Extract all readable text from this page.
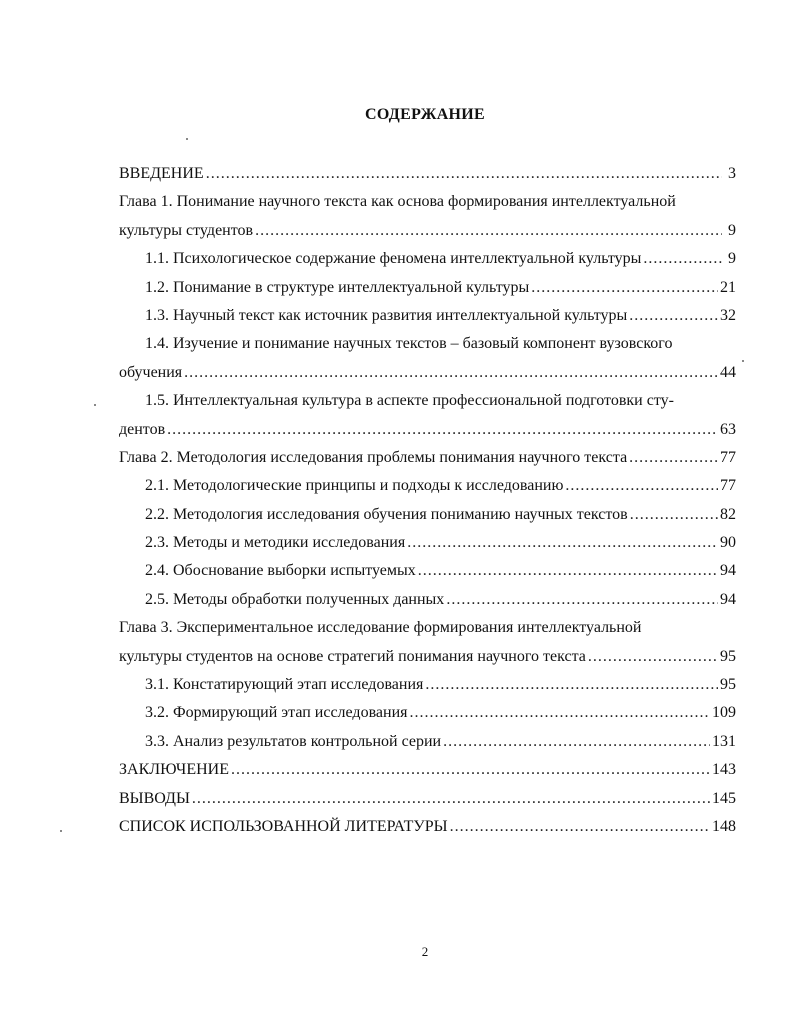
СОДЕРЖАНИЕ
ВВЕДЕНИЕ .....	3
Глава 1. Понимание научного текста как основа формирования интеллектуальной
культуры студентов .....	9
1.1. Психологическое содержание феномена интеллектуальной культуры .....	9
1.2. Понимание в структуре интеллектуальной культуры .....	21
1.3. Научный текст как источник развития интеллектуальной культуры .....	32
1.4. Изучение и понимание научных текстов – базовый компонент вузовского
обучения .....	44
1.5. Интеллектуальная культура в аспекте профессиональной подготовки сту-
дентов .....	63
Глава 2. Методология исследования проблемы понимания научного текста .....	77
2.1. Методологические принципы и подходы к исследованию .....	77
2.2. Методология исследования обучения пониманию научных текстов .....	82
2.3. Методы и методики исследования .....	90
2.4. Обоснование выборки испытуемых .....	94
2.5. Методы обработки полученных данных .....	94
Глава 3. Экспериментальное исследование формирования интеллектуальной
культуры студентов на основе стратегий понимания научного текста .....	95
3.1. Констатирующий этап исследования .....	95
3.2. Формирующий этап исследования .....	109
3.3. Анализ результатов контрольной серии .....	131
ЗАКЛЮЧЕНИЕ .....	143
ВЫВОДЫ .....	145
СПИСОК ИСПОЛЬЗОВАННОЙ ЛИТЕРАТУРЫ .....	148
2
